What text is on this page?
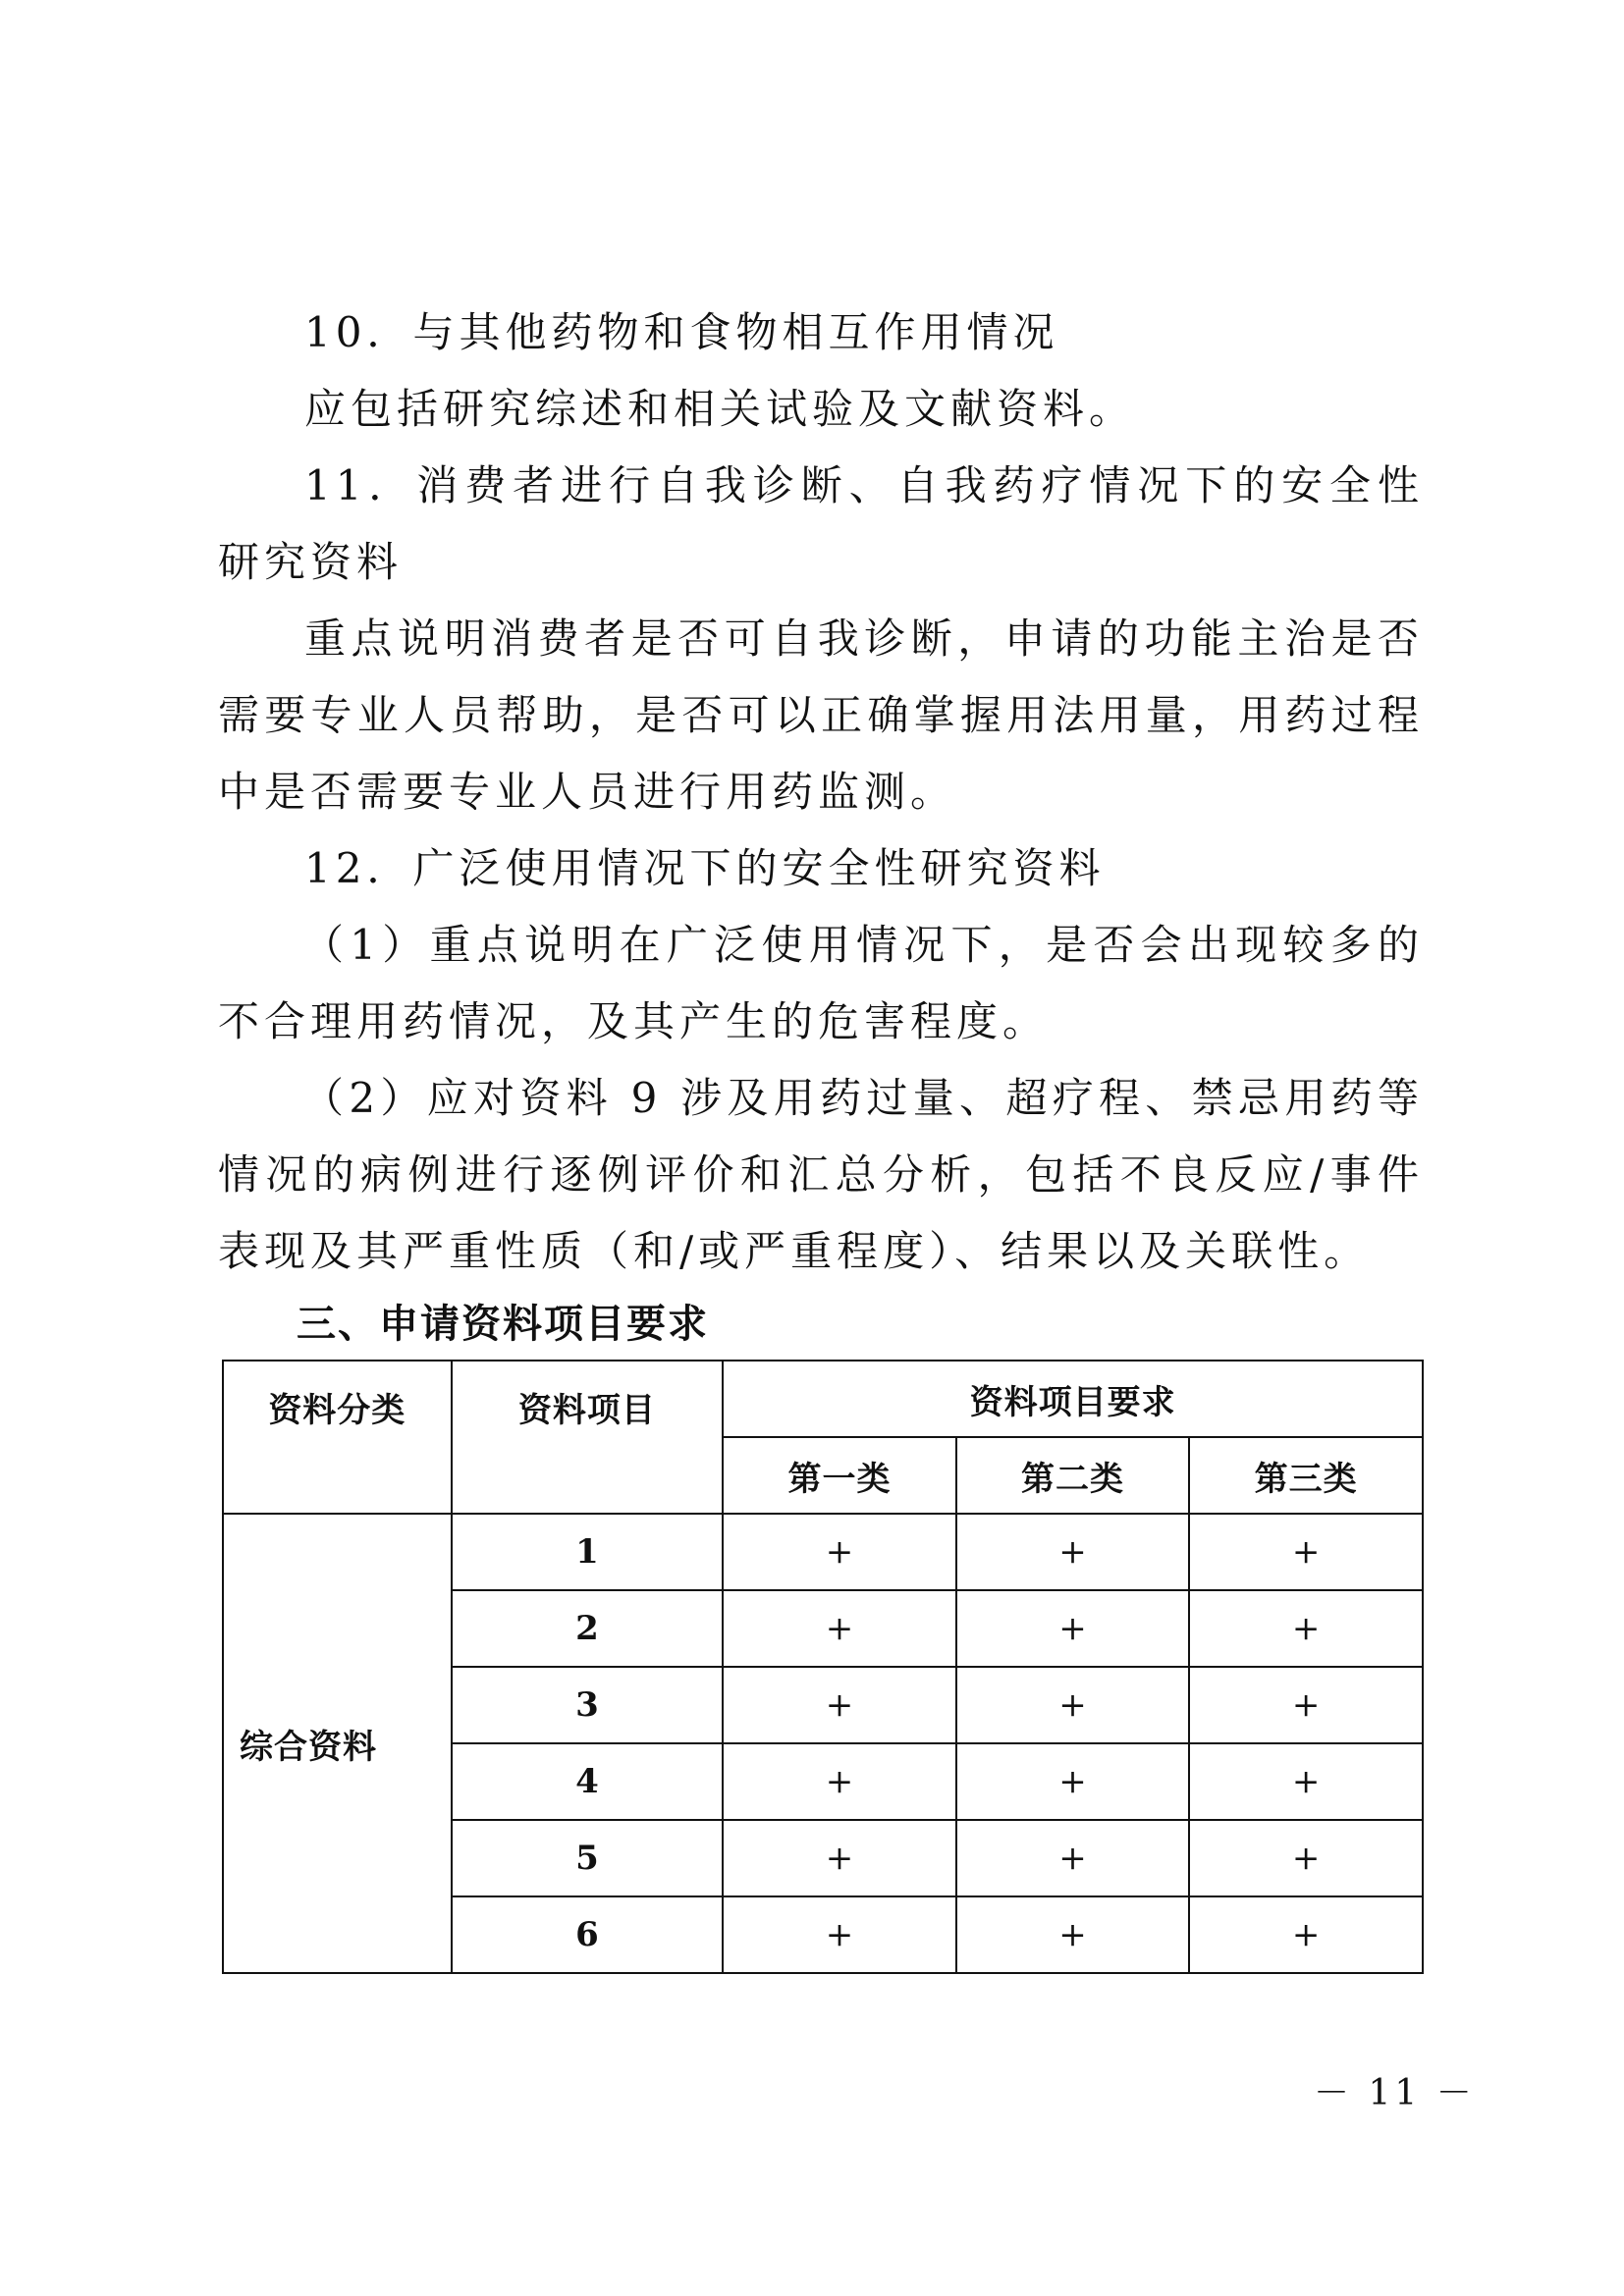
10．与其他药物和食物相互作用情况

应包括研究综述和相关试验及文献资料。

11．消费者进行自我诊断、自我药疗情况下的安全性研究资料

重点说明消费者是否可自我诊断，申请的功能主治是否需要专业人员帮助，是否可以正确掌握用法用量，用药过程中是否需要专业人员进行用药监测。

12．广泛使用情况下的安全性研究资料

（1）重点说明在广泛使用情况下，是否会出现较多的不合理用药情况，及其产生的危害程度。

（2）应对资料 9 涉及用药过量、超疗程、禁忌用药等情况的病例进行逐例评价和汇总分析，包括不良反应/事件表现及其严重性质（和/或严重程度）、结果以及关联性。

三、申请资料项目要求

资料分类	资料项目	资料项目要求		
		第一类	第二类	第三类
综合资料	1	+	+	+
	2	+	+	+
	3	+	+	+
	4	+	+	+
	5	+	+	+
	6	+	+	+
－ 11 －
